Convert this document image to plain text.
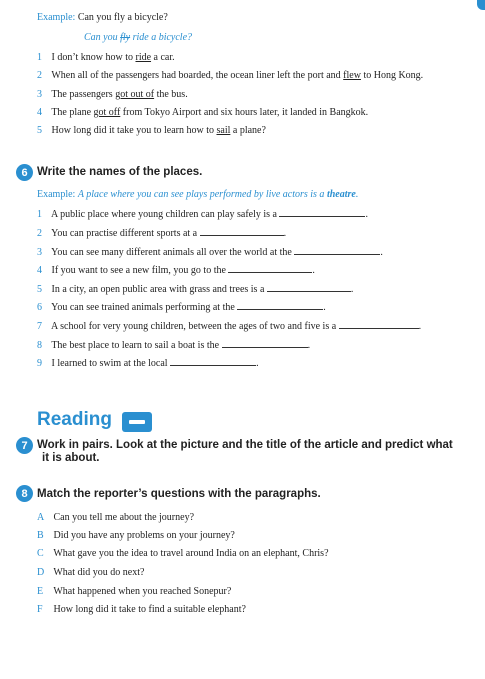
Example: Can you fly a bicycle?
Can you fly ride a bicycle?
1 I don’t know how to ride a car.
2 When all of the passengers had boarded, the ocean liner left the port and flew to Hong Kong.
3 The passengers got out of the bus.
4 The plane got off from Tokyo Airport and six hours later, it landed in Bangkok.
5 How long did it take you to learn how to sail a plane?
6 Write the names of the places.
Example: A place where you can see plays performed by live actors is a theatre.
1 A public place where young children can play safely is a	.
2 You can practise different sports at a	.
3 You can see many different animals all over the world at the	.
4 If you want to see a new film, you go to the	.
5 In a city, an open public area with grass and trees is a	.
6 You can see trained animals performing at the	.
7 A school for very young children, between the ages of two and five is a	.
8 The best place to learn to sail a boat is the	.
9 I learned to swim at the local	.
Reading
7 Work in pairs. Look at the picture and the title of the article and predict what
it is about.
8 Match the reporter’s questions with the paragraphs.
A Can you tell me about the journey?
B Did you have any problems on your journey?
C What gave you the idea to travel around India on an elephant, Chris?
D What did you do next?
E What happened when you reached Sonepur?
F How long did it take to find a suitable elephant?
